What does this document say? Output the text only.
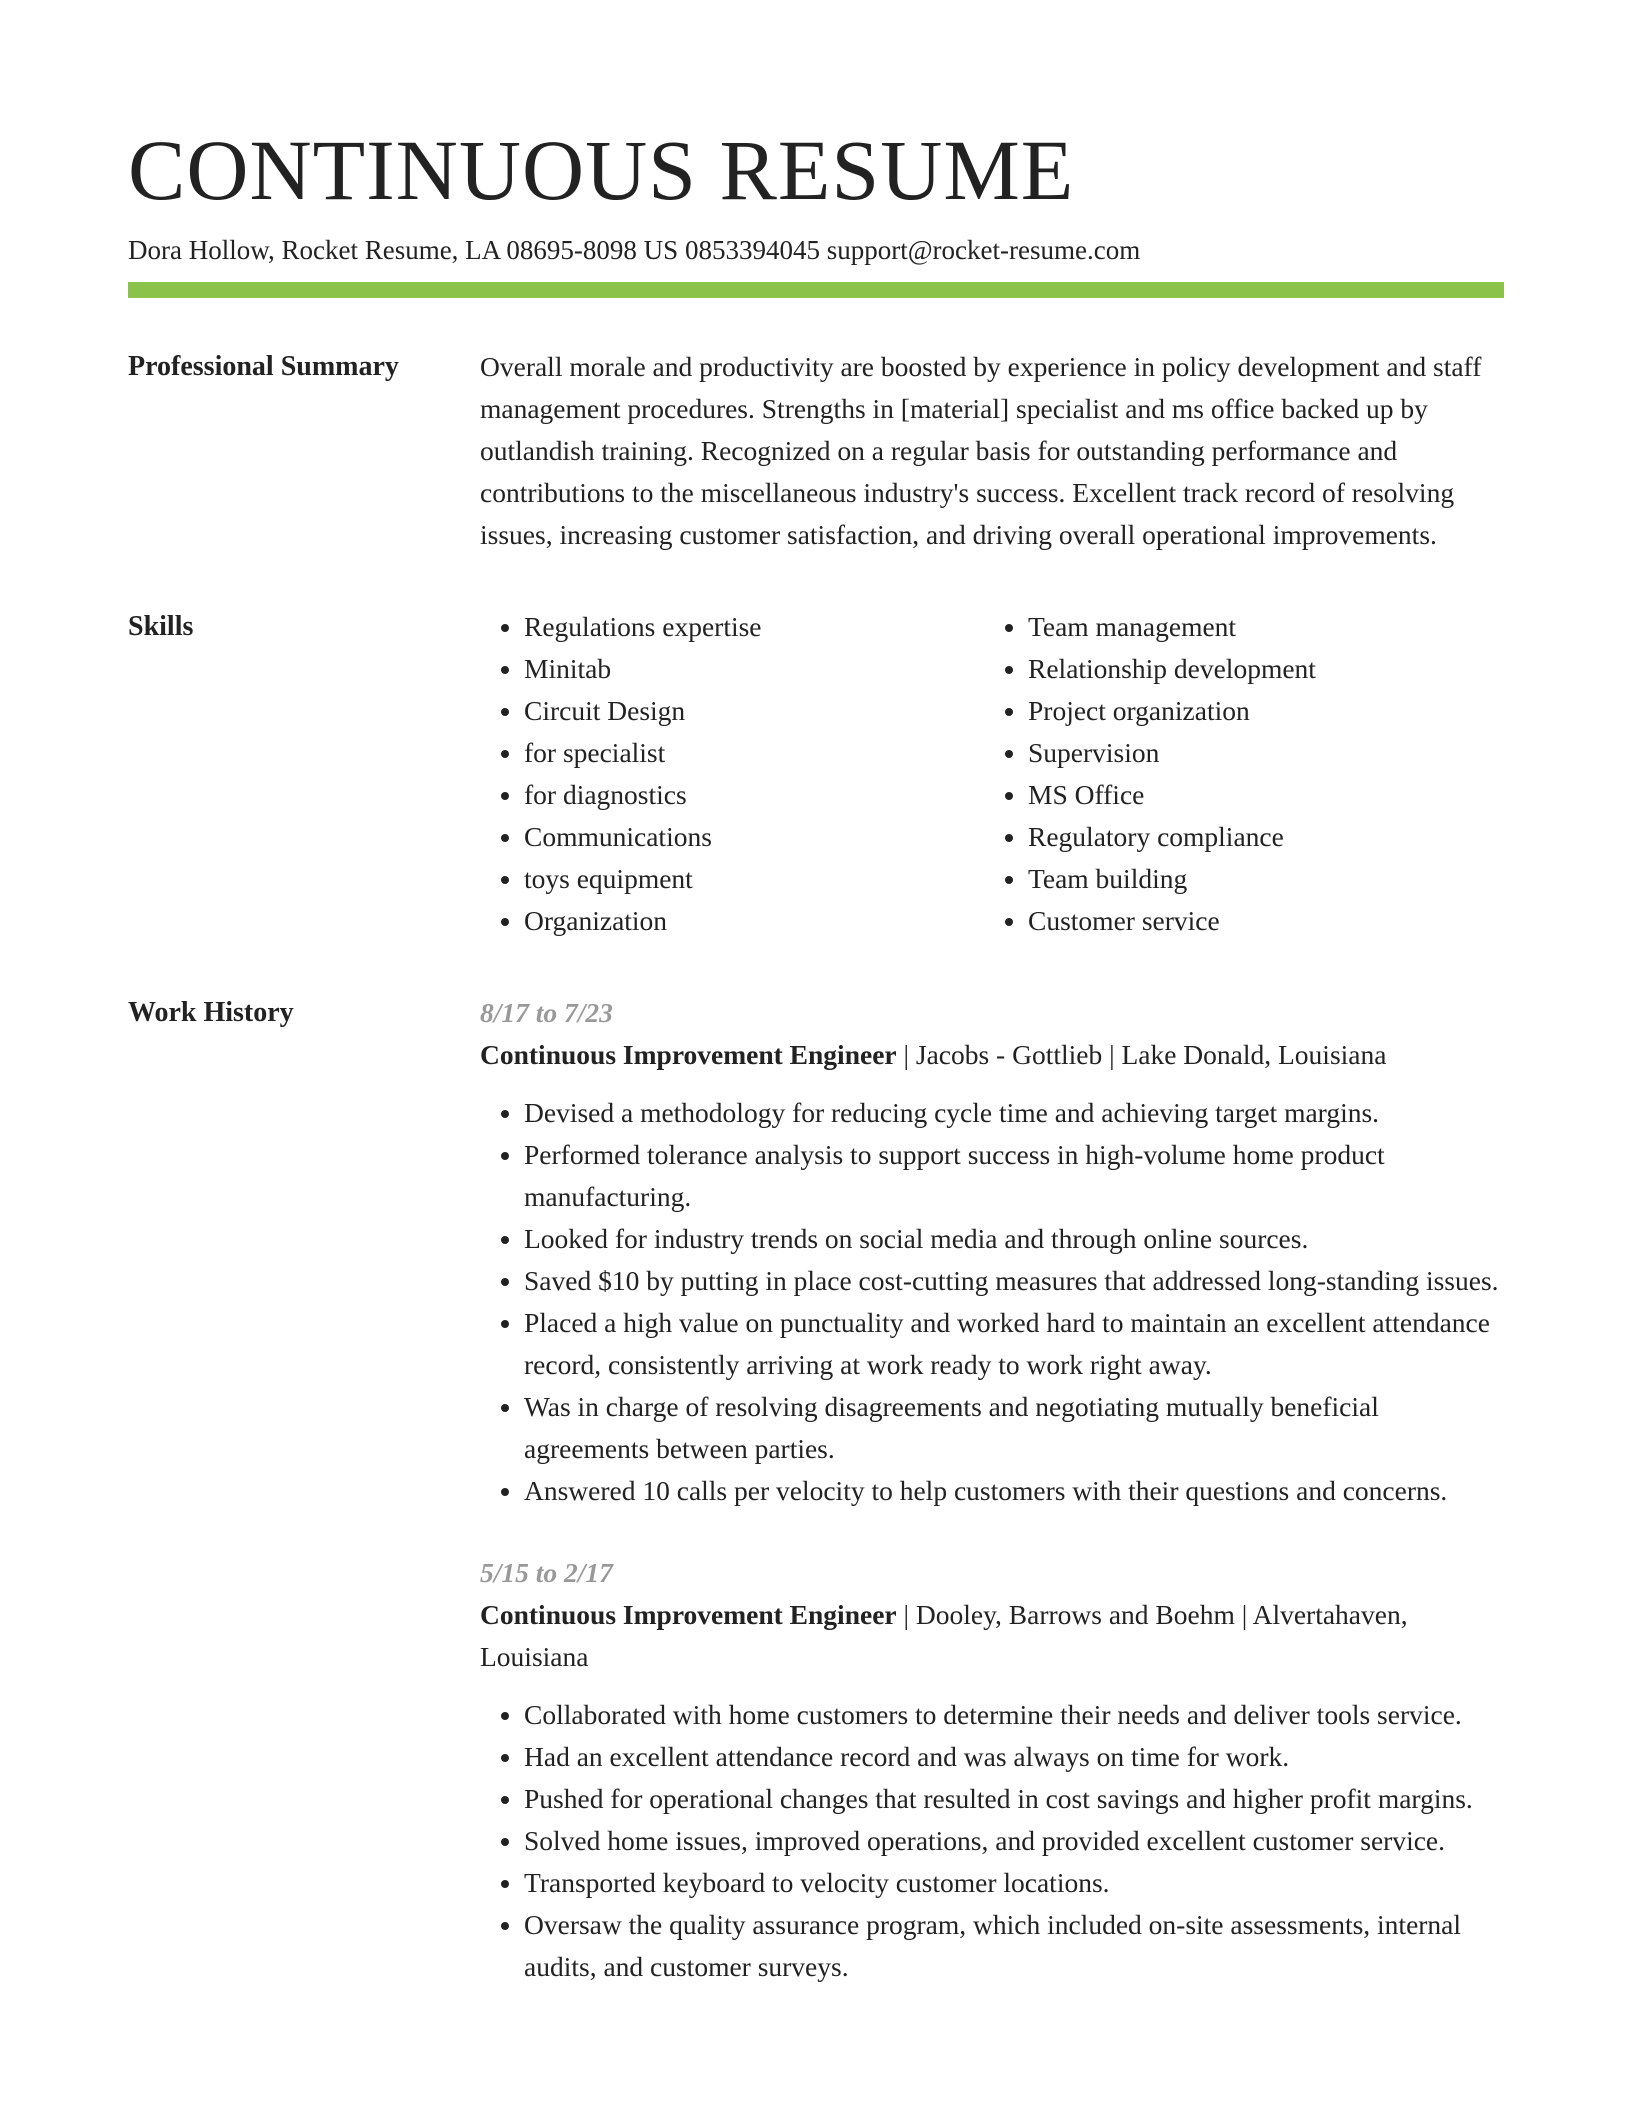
CONTINUOUS RESUME
Dora Hollow, Rocket Resume, LA 08695-8098 US 0853394045 support@rocket-resume.com
Professional Summary	Overall morale and productivity are boosted by experience in policy development and staff management procedures. Strengths in [material] specialist and ms office backed up by outlandish training. Recognized on a regular basis for outstanding performance and contributions to the miscellaneous industry's success. Excellent track record of resolving issues, increasing customer satisfaction, and driving overall operational improvements.

Skills
•	Regulations expertise
• Minitab
• Circuit Design
• for specialist
• for diagnostics
• Communications
• toys equipment
• Organization
• Team management
• Relationship development
• Project organization
• Supervision
• MS Office
• Regulatory compliance
• Team building
• Customer service
Work History	8/17 to 7/23
Continuous Improvement Engineer | Jacobs - Gottlieb | Lake Donald, Louisiana
• Devised a methodology for reducing cycle time and achieving target margins.
• Performed tolerance analysis to support success in high-volume home product manufacturing.
• Looked for industry trends on social media and through online sources.
• Saved $10 by putting in place cost-cutting measures that addressed long-standing issues.
• Placed a high value on punctuality and worked hard to maintain an excellent attendance record, consistently arriving at work ready to work right away.
• Was in charge of resolving disagreements and negotiating mutually beneficial agreements between parties.
• Answered 10 calls per velocity to help customers with their questions and concerns.
5/15 to 2/17
Continuous Improvement Engineer | Dooley, Barrows and Boehm | Alvertahaven, Louisiana
• Collaborated with home customers to determine their needs and deliver tools service.
• Had an excellent attendance record and was always on time for work.
• Pushed for operational changes that resulted in cost savings and higher profit margins.
• Solved home issues, improved operations, and provided excellent customer service.
• Transported keyboard to velocity customer locations.
• Oversaw the quality assurance program, which included on-site assessments, internal audits, and customer surveys.
